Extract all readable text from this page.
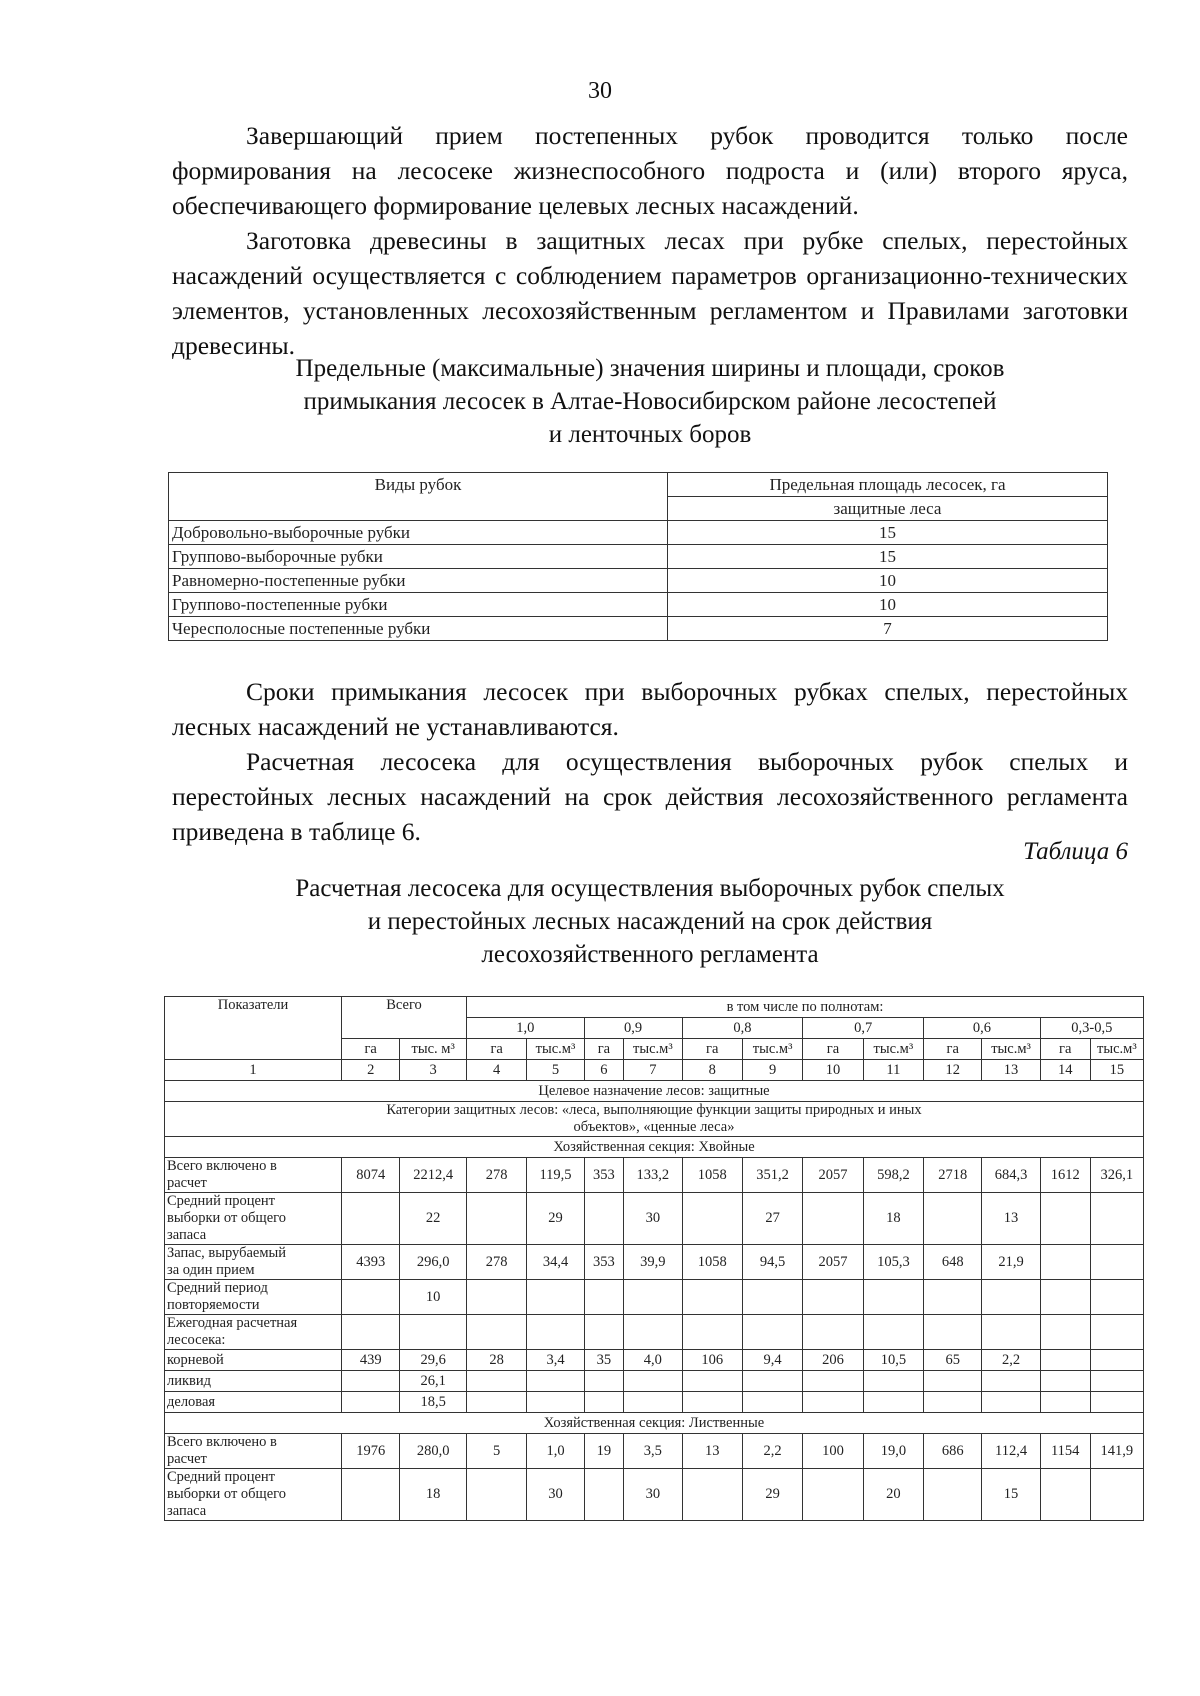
30

Завершающий прием постепенных рубок проводится только после формирования на лесосеке жизнеспособного подроста и (или) второго яруса, обеспечивающего формирование целевых лесных насаждений.

Заготовка древесины в защитных лесах при рубке спелых, перестойных насаждений осуществляется с соблюдением параметров организационно-технических элементов, установленных лесохозяйственным регламентом и Правилами заготовки древесины.

Предельные (максимальные) значения ширины и площади, сроков
примыкания лесосек в Алтае-Новосибирском районе лесостепей
и ленточных боров
Виды рубок	Предельная площадь лесосек, га
	защитные леса
Добровольно-выборочные рубки	15
Группово-выборочные рубки	15
Равномерно-постепенные рубки	10
Группово-постепенные рубки	10
Чересполосные постепенные рубки	7

Сроки примыкания лесосек при выборочных рубках спелых, перестойных лесных насаждений не устанавливаются.

Расчетная лесосека для осуществления выборочных рубок спелых и перестойных лесных насаждений на срок действия лесохозяйственного регламента приведена в таблице 6.

Таблица 6
Расчетная лесосека для осуществления выборочных рубок спелых
и перестойных лесных насаждений на срок действия
лесохозяйственного регламента
Показатели	Всего		в том числе по полнотам:											
			1,0		0,9		0,8		0,7		0,6		0,3-0,5	
	га	тыс. м³	га	тыс.м³	га	тыс.м³	га	тыс.м³	га	тыс.м³	га	тыс.м³	га	тыс.м³
1	2	3	4	5	6	7	8	9	10	11	12	13	14	15

Целевое назначение лесов: защитные														

Категории защитных лесов: «леса, выполняющие функции защиты природных и иных
объектов», «ценные леса»														

Хозяйственная секция: Хвойные														

Всего включено в
расчет	8074	2212,4	278	119,5	353	133,2	1058	351,2	2057	598,2	2718	684,3	1612	326,1

Средний процент
выборки от общего
запаса		22		29		30		27		18		13		

Запас, вырубаемый
за один прием	4393	296,0	278	34,4	353	39,9	1058	94,5	2057	105,3	648	21,9		

Средний период
повторяемости		10												

Ежегодная расчетная
лесосека:														

корневой	439	29,6	28	3,4	35	4,0	106	9,4	206	10,5	65	2,2		

ликвид		26,1												

деловая		18,5												

Хозяйственная секция: Лиственные														

Всего включено в
расчет	1976	280,0	5	1,0	19	3,5	13	2,2	100	19,0	686	112,4	1154	141,9

Средний процент
выборки от общего
запаса		18		30		30		29		20		15		
